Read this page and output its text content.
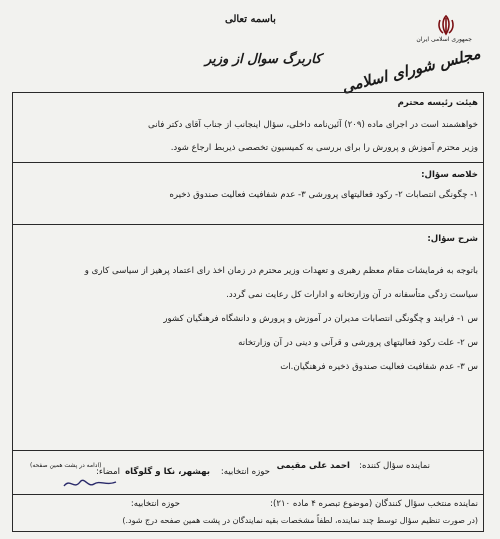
باسمه تعالی
کاربرگ سوال از وزیر
جمهوری اسلامی ایران
مجلس شورای اسلامی
هیئت رئیسه محترم
خواهشمند است در اجرای ماده (۲۰۹) آئین‌نامه داخلی، سؤال اینجانب از جناب آقای دکتر فانی
وزیر محترم آموزش و پرورش را برای بررسی به کمیسیون تخصصی ذیربط ارجاع شود.
خلاصه سؤال:
۱- چگونگی انتصابات ۲- رکود فعالیتهای پرورشی ۳- عدم شفافیت فعالیت صندوق ذخیره
شرح سؤال:
باتوجه به فرمایشات مقام معظم رهبری و تعهدات وزیر محترم در زمان اخذ رای اعتماد پرهیز از سیاسی کاری و
سیاست زدگی متأسفانه در آن وزارتخانه و ادارات کل رعایت نمی گردد.
س ۱- فرایند و چگونگی انتصابات مدیران در آموزش و پرورش و دانشگاه فرهنگیان کشور
س ۲- علت رکود فعالیتهای پرورشی و قرآنی و دینی در آن وزارتخانه
س ۳- عدم شفافیت فعالیت صندوق ذخیره فرهنگیان.ات
(ادامه در پشت همین صفحه)	نماینده سؤال کننده:
احمد علی مقیمی
حوزه انتخابیه:
بهشهر، نکا و گلوگاه
امضاء:
نماینده منتخب سؤال کنندگان (موضوع تبصره ۴ ماده ۲۱۰):
حوزه انتخابیه:
(در صورت تنظیم سؤال توسط چند نماینده، لطفاً مشخصات بقیه نمایندگان در پشت همین صفحه درج شود.)
